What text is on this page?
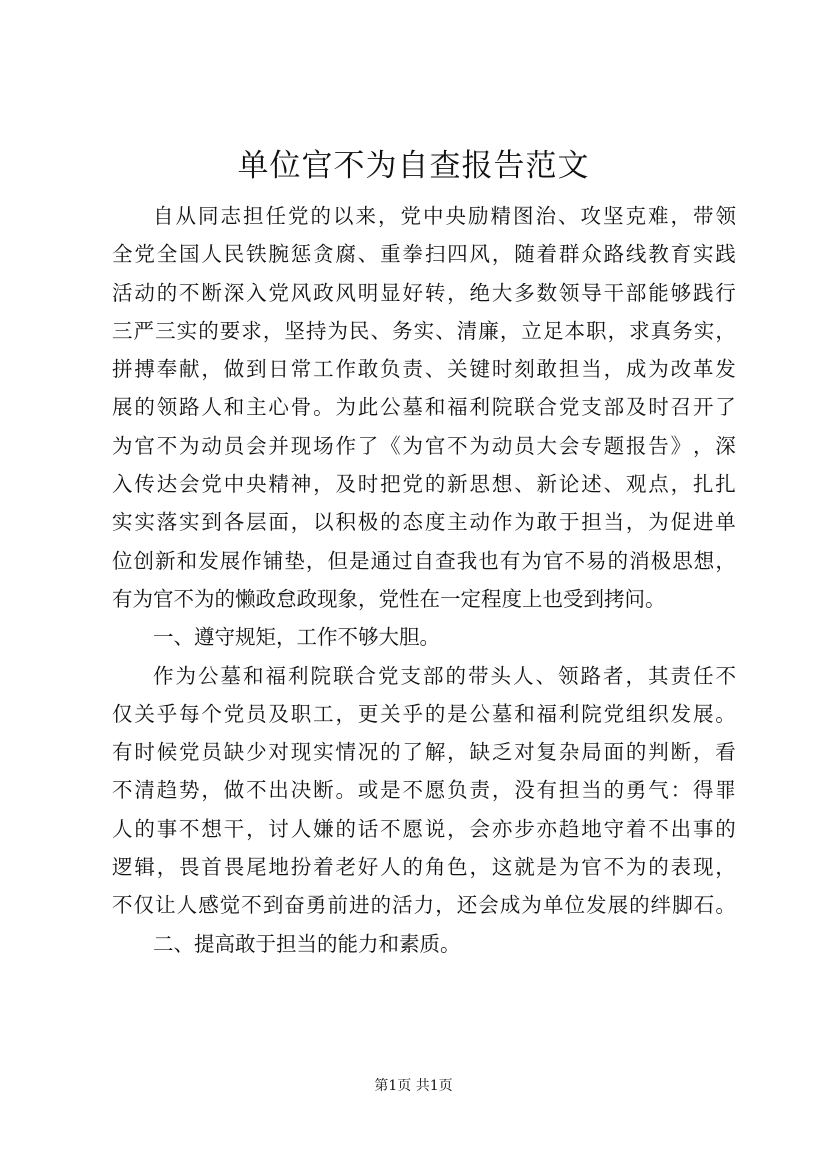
单位官不为自查报告范文
自 从 同 志 担 任 党 的 以 来 ， 党 中 央 励 精 图 治 、 攻 坚 克 难 ， 带 领
全 党 全 国 人 民 铁 腕 惩 贪 腐 、 重 拳 扫 四 风 ， 随 着 群 众 路 线 教 育 实 践
活 动 的 不 断 深 入 党 风 政 风 明 显 好 转 ， 绝 大 多 数 领 导 干 部 能 够 践 行
三 严 三 实 的 要 求 ， 坚 持 为 民 、 务 实 、 清 廉 ， 立 足 本 职 ， 求 真 务 实 ，
拼 搏 奉 献 ， 做 到 日 常 工 作 敢 负 责 、 关 键 时 刻 敢 担 当 ， 成 为 改 革 发
展 的 领 路 人 和 主 心 骨 。 为 此 公 墓 和 福 利 院 联 合 党 支 部 及 时 召 开 了
为 官 不 为 动 员 会 并 现 场 作 了 《 为 官 不 为 动 员 大 会 专 题 报 告 》 ， 深
入 传 达 会 党 中 央 精 神 ， 及 时 把 党 的 新 思 想 、 新 论 述 、 观 点 ， 扎 扎
实 实 落 实 到 各 层 面 ， 以 积 极 的 态 度 主 动 作 为 敢 于 担 当 ， 为 促 进 单
位 创 新 和 发 展 作 铺 垫 ， 但 是 通 过 自 查 我 也 有 为 官 不 易 的 消 极 思 想 ，
有为官不为的懒政怠政现象，党性在一定程度上也受到拷问。
一、遵守规矩，工作不够大胆。
作 为 公 墓 和 福 利 院 联 合 党 支 部 的 带 头 人 、 领 路 者 ， 其 责 任 不
仅 关 乎 每 个 党 员 及 职 工 ， 更 关 乎 的 是 公 墓 和 福 利 院 党 组 织 发 展 。
有 时 候 党 员 缺 少 对 现 实 情 况 的 了 解 ， 缺 乏 对 复 杂 局 面 的 判 断 ， 看
不 清 趋 势 ， 做 不 出 决 断 。 或 是 不 愿 负 责 ， 没 有 担 当 的 勇 气 ： 得 罪
人 的 事 不 想 干 ， 讨 人 嫌 的 话 不 愿 说 ， 会 亦 步 亦 趋 地 守 着 不 出 事 的
逻 辑 ， 畏 首 畏 尾 地 扮 着 老 好 人 的 角 色 ， 这 就 是 为 官 不 为 的 表 现 ，
不 仅 让 人 感 觉 不 到 奋 勇 前 进 的 活 力 ， 还 会 成 为 单 位 发 展 的 绊 脚 石 。
二、提高敢于担当的能力和素质。
第1页 共1页
